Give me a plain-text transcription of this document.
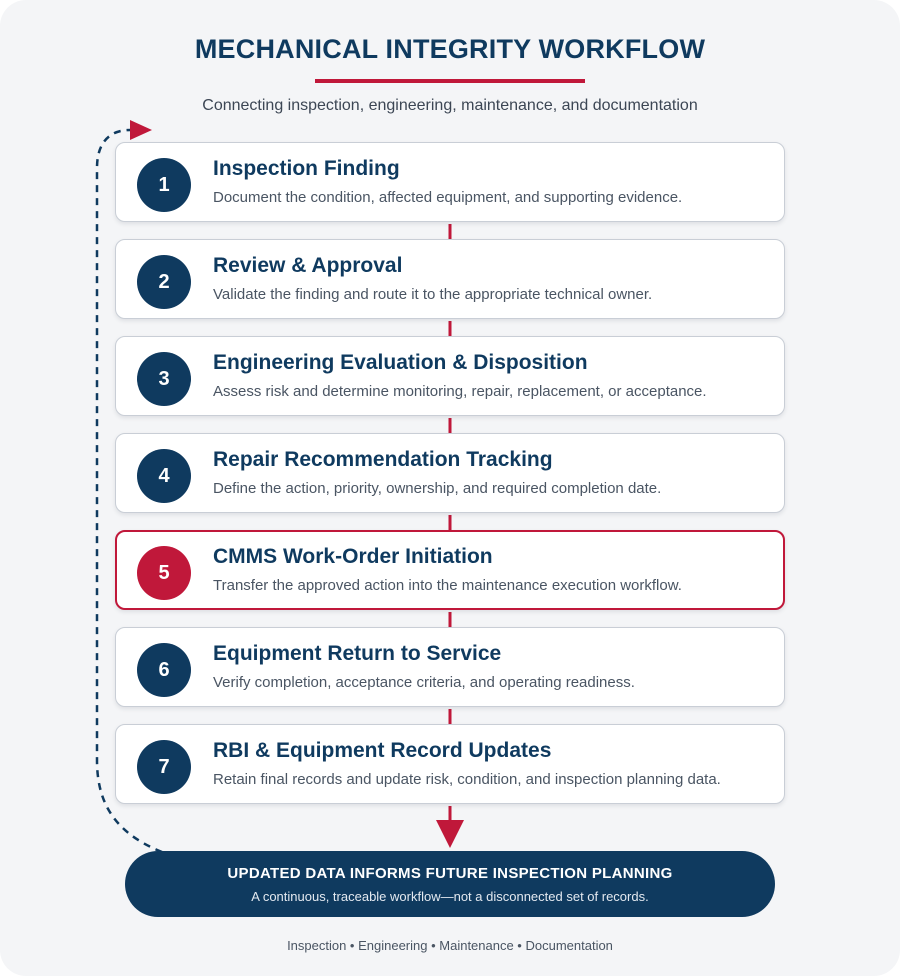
MECHANICAL INTEGRITY WORKFLOW
Connecting inspection, engineering, maintenance, and documentation
1
Inspection Finding
Document the condition, affected equipment, and supporting evidence.
2
Review & Approval
Validate the finding and route it to the appropriate technical owner.
3
Engineering Evaluation & Disposition
Assess risk and determine monitoring, repair, replacement, or acceptance.
4
Repair Recommendation Tracking
Define the action, priority, ownership, and required completion date.
5
CMMS Work-Order Initiation
Transfer the approved action into the maintenance execution workflow.
6
Equipment Return to Service
Verify completion, acceptance criteria, and operating readiness.
7
RBI & Equipment Record Updates
Retain final records and update risk, condition, and inspection planning data.
UPDATED DATA INFORMS FUTURE INSPECTION PLANNING
A continuous, traceable workflow—not a disconnected set of records.
Inspection • Engineering • Maintenance • Documentation
